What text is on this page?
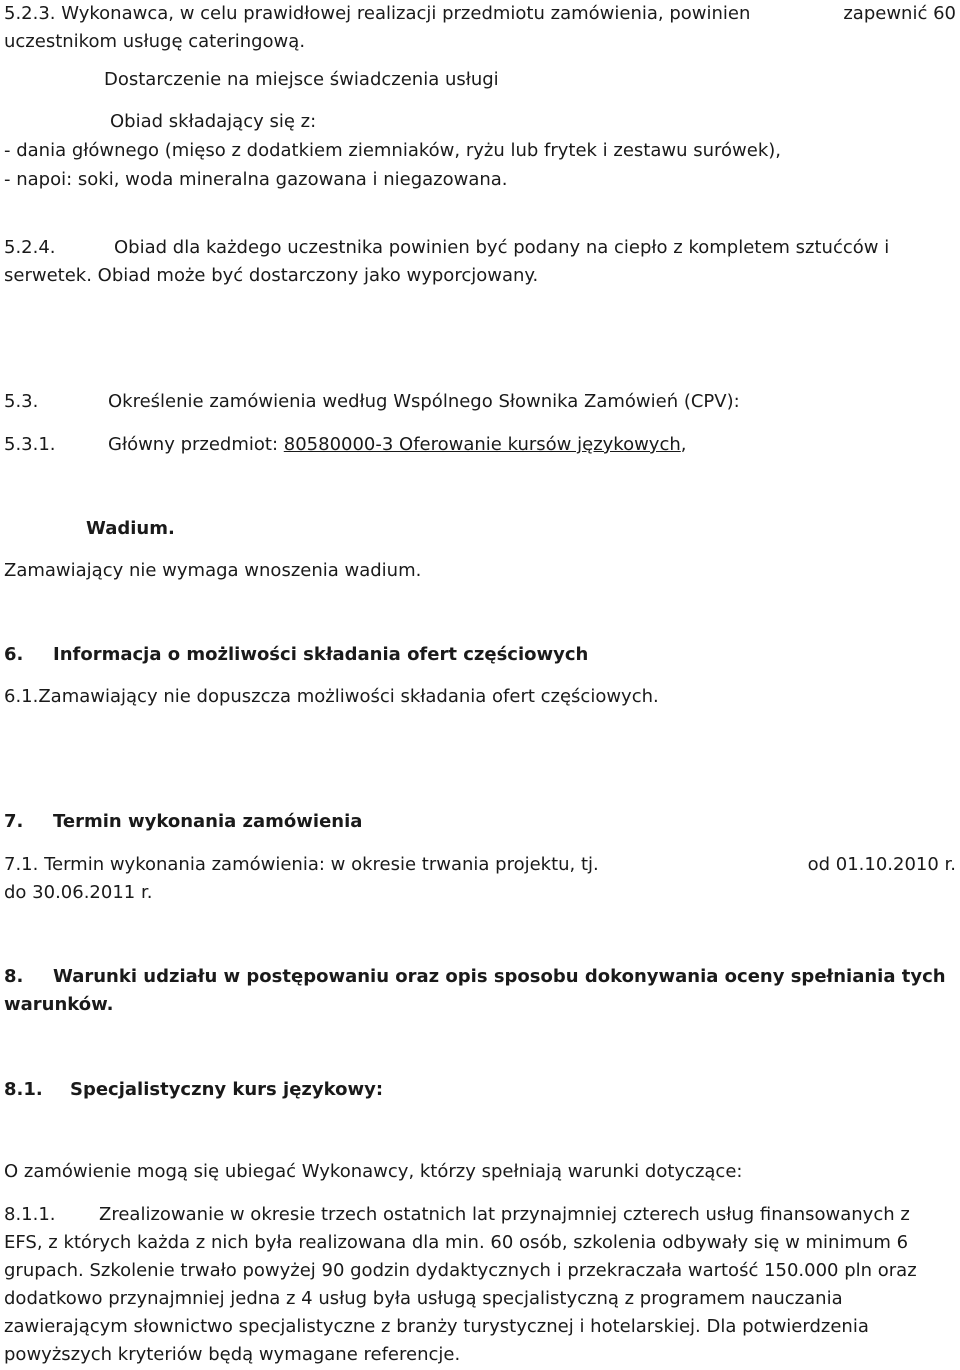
5.2.3. Wykonawca, w celu prawidłowej realizacji przedmiotu zamówienia, powinien	zapewnić 60
uczestnikom usługę cateringową.
Dostarczenie na miejsce świadczenia usługi
Obiad składający się z:
- dania głównego (mięso z dodatkiem ziemniaków, ryżu lub frytek i zestawu surówek),
- napoi: soki, woda mineralna gazowana i niegazowana.
5.2.4.	Obiad dla każdego uczestnika powinien być podany na ciepło z kompletem sztućców i
serwetek. Obiad może być dostarczony jako wyporcjowany.
5.3.	Określenie zamówienia według Wspólnego Słownika Zamówień (CPV):
5.3.1.	Główny przedmiot: 80580000-3 Oferowanie kursów językowych,
Wadium.
Zamawiający nie wymaga wnoszenia wadium.
6. Informacja o możliwości składania ofert częściowych
6.1.Zamawiający nie dopuszcza możliwości składania ofert częściowych.
7. Termin wykonania zamówienia
7.1. Termin wykonania zamówienia: w okresie trwania projektu, tj.	od 01.10.2010 r.
do 30.06.2011 r.
8. Warunki udziału w postępowaniu oraz opis sposobu dokonywania oceny spełniania tych
warunków.
8.1. Specjalistyczny kurs językowy:
O zamówienie mogą się ubiegać Wykonawcy, którzy spełniają warunki dotyczące:
8.1.1. Zrealizowanie w okresie trzech ostatnich lat przynajmniej czterech usług finansowanych z
EFS, z których każda z nich była realizowana dla min. 60 osób, szkolenia odbywały się w minimum 6
grupach. Szkolenie trwało powyżej 90 godzin dydaktycznych i przekraczała wartość 150.000 pln oraz
dodatkowo przynajmniej jedna z 4 usług była usługą specjalistyczną z programem nauczania
zawierającym słownictwo specjalistyczne z branży turystycznej i hotelarskiej. Dla potwierdzenia
powyższych kryteriów będą wymagane referencje.
